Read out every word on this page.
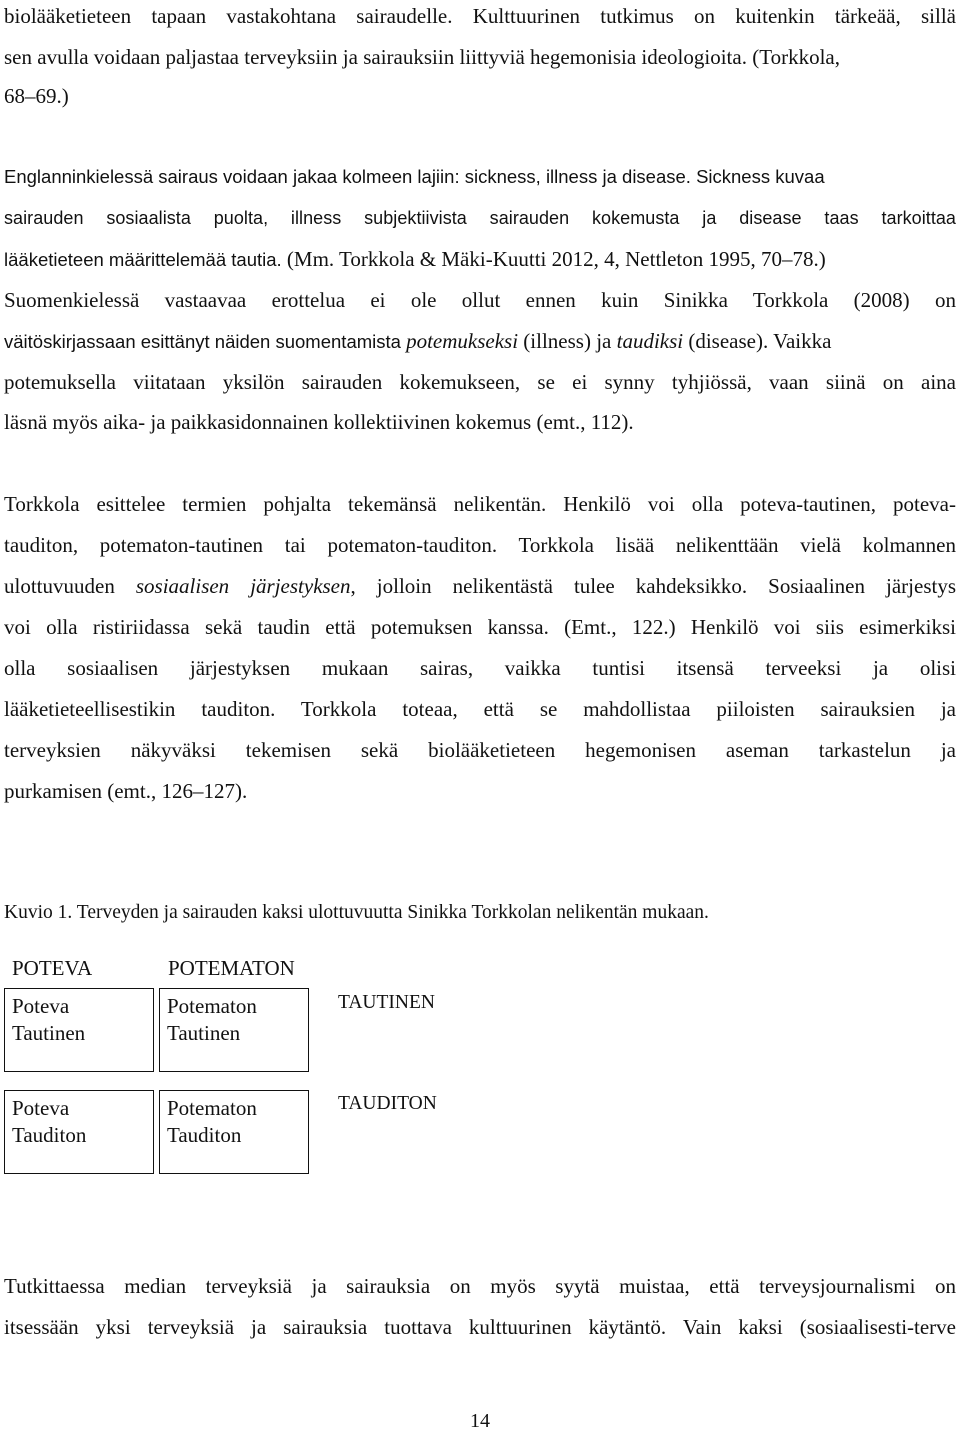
biolääketieteen tapaan vastakohtana sairaudelle. Kulttuurinen tutkimus on kuitenkin tärkeää, sillä
sen avulla voidaan paljastaa terveyksiin ja sairauksiin liittyviä hegemonisia ideologioita. (Torkkola,
68–69.)
Englanninkielessä sairaus voidaan jakaa kolmeen lajiin: sickness, illness ja disease. Sickness kuvaa
sairauden sosiaalista puolta, illness subjektiivista sairauden kokemusta ja disease taas tarkoittaa
lääketieteen määrittelemää tautia. (Mm. Torkkola & Mäki-Kuutti 2012, 4, Nettleton 1995, 70–78.)
Suomenkielessä vastaavaa erottelua ei ole ollut ennen kuin Sinikka Torkkola (2008) on
väitöskirjassaan esittänyt näiden suomentamista potemukseksi (illness) ja taudiksi (disease). Vaikka
potemuksella viitataan yksilön sairauden kokemukseen, se ei synny tyhjiössä, vaan siinä on aina
läsnä myös aika- ja paikkasidonnainen kollektiivinen kokemus (emt., 112).
Torkkola esittelee termien pohjalta tekemänsä nelikentän. Henkilö voi olla poteva-tautinen, poteva-
tauditon, potematon-tautinen tai potematon-tauditon. Torkkola lisää nelikenttään vielä kolmannen
ulottuvuuden sosiaalisen järjestyksen, jolloin nelikentästä tulee kahdeksikko. Sosiaalinen järjestys
voi olla ristiriidassa sekä taudin että potemuksen kanssa. (Emt., 122.) Henkilö voi siis esimerkiksi
olla sosiaalisen järjestyksen mukaan sairas, vaikka tuntisi itsensä terveeksi ja olisi
lääketieteellisestikin tauditon. Torkkola toteaa, että se mahdollistaa piiloisten sairauksien ja
terveyksien näkyväksi tekemisen sekä biolääketieteen hegemonisen aseman tarkastelun ja
purkamisen (emt., 126–127).
Kuvio 1. Terveyden ja sairauden kaksi ulottuvuutta Sinikka Torkkolan nelikentän mukaan.
POTEVA	POTEMATON
Poteva
Tautinen
Potematon
Tautinen
TAUTINEN
Poteva
Tauditon
Potematon
Tauditon
TAUDITON
Tutkittaessa median terveyksiä ja sairauksia on myös syytä muistaa, että terveysjournalismi on
itsessään yksi terveyksiä ja sairauksia tuottava kulttuurinen käytäntö. Vain kaksi (sosiaalisesti-terve
14
